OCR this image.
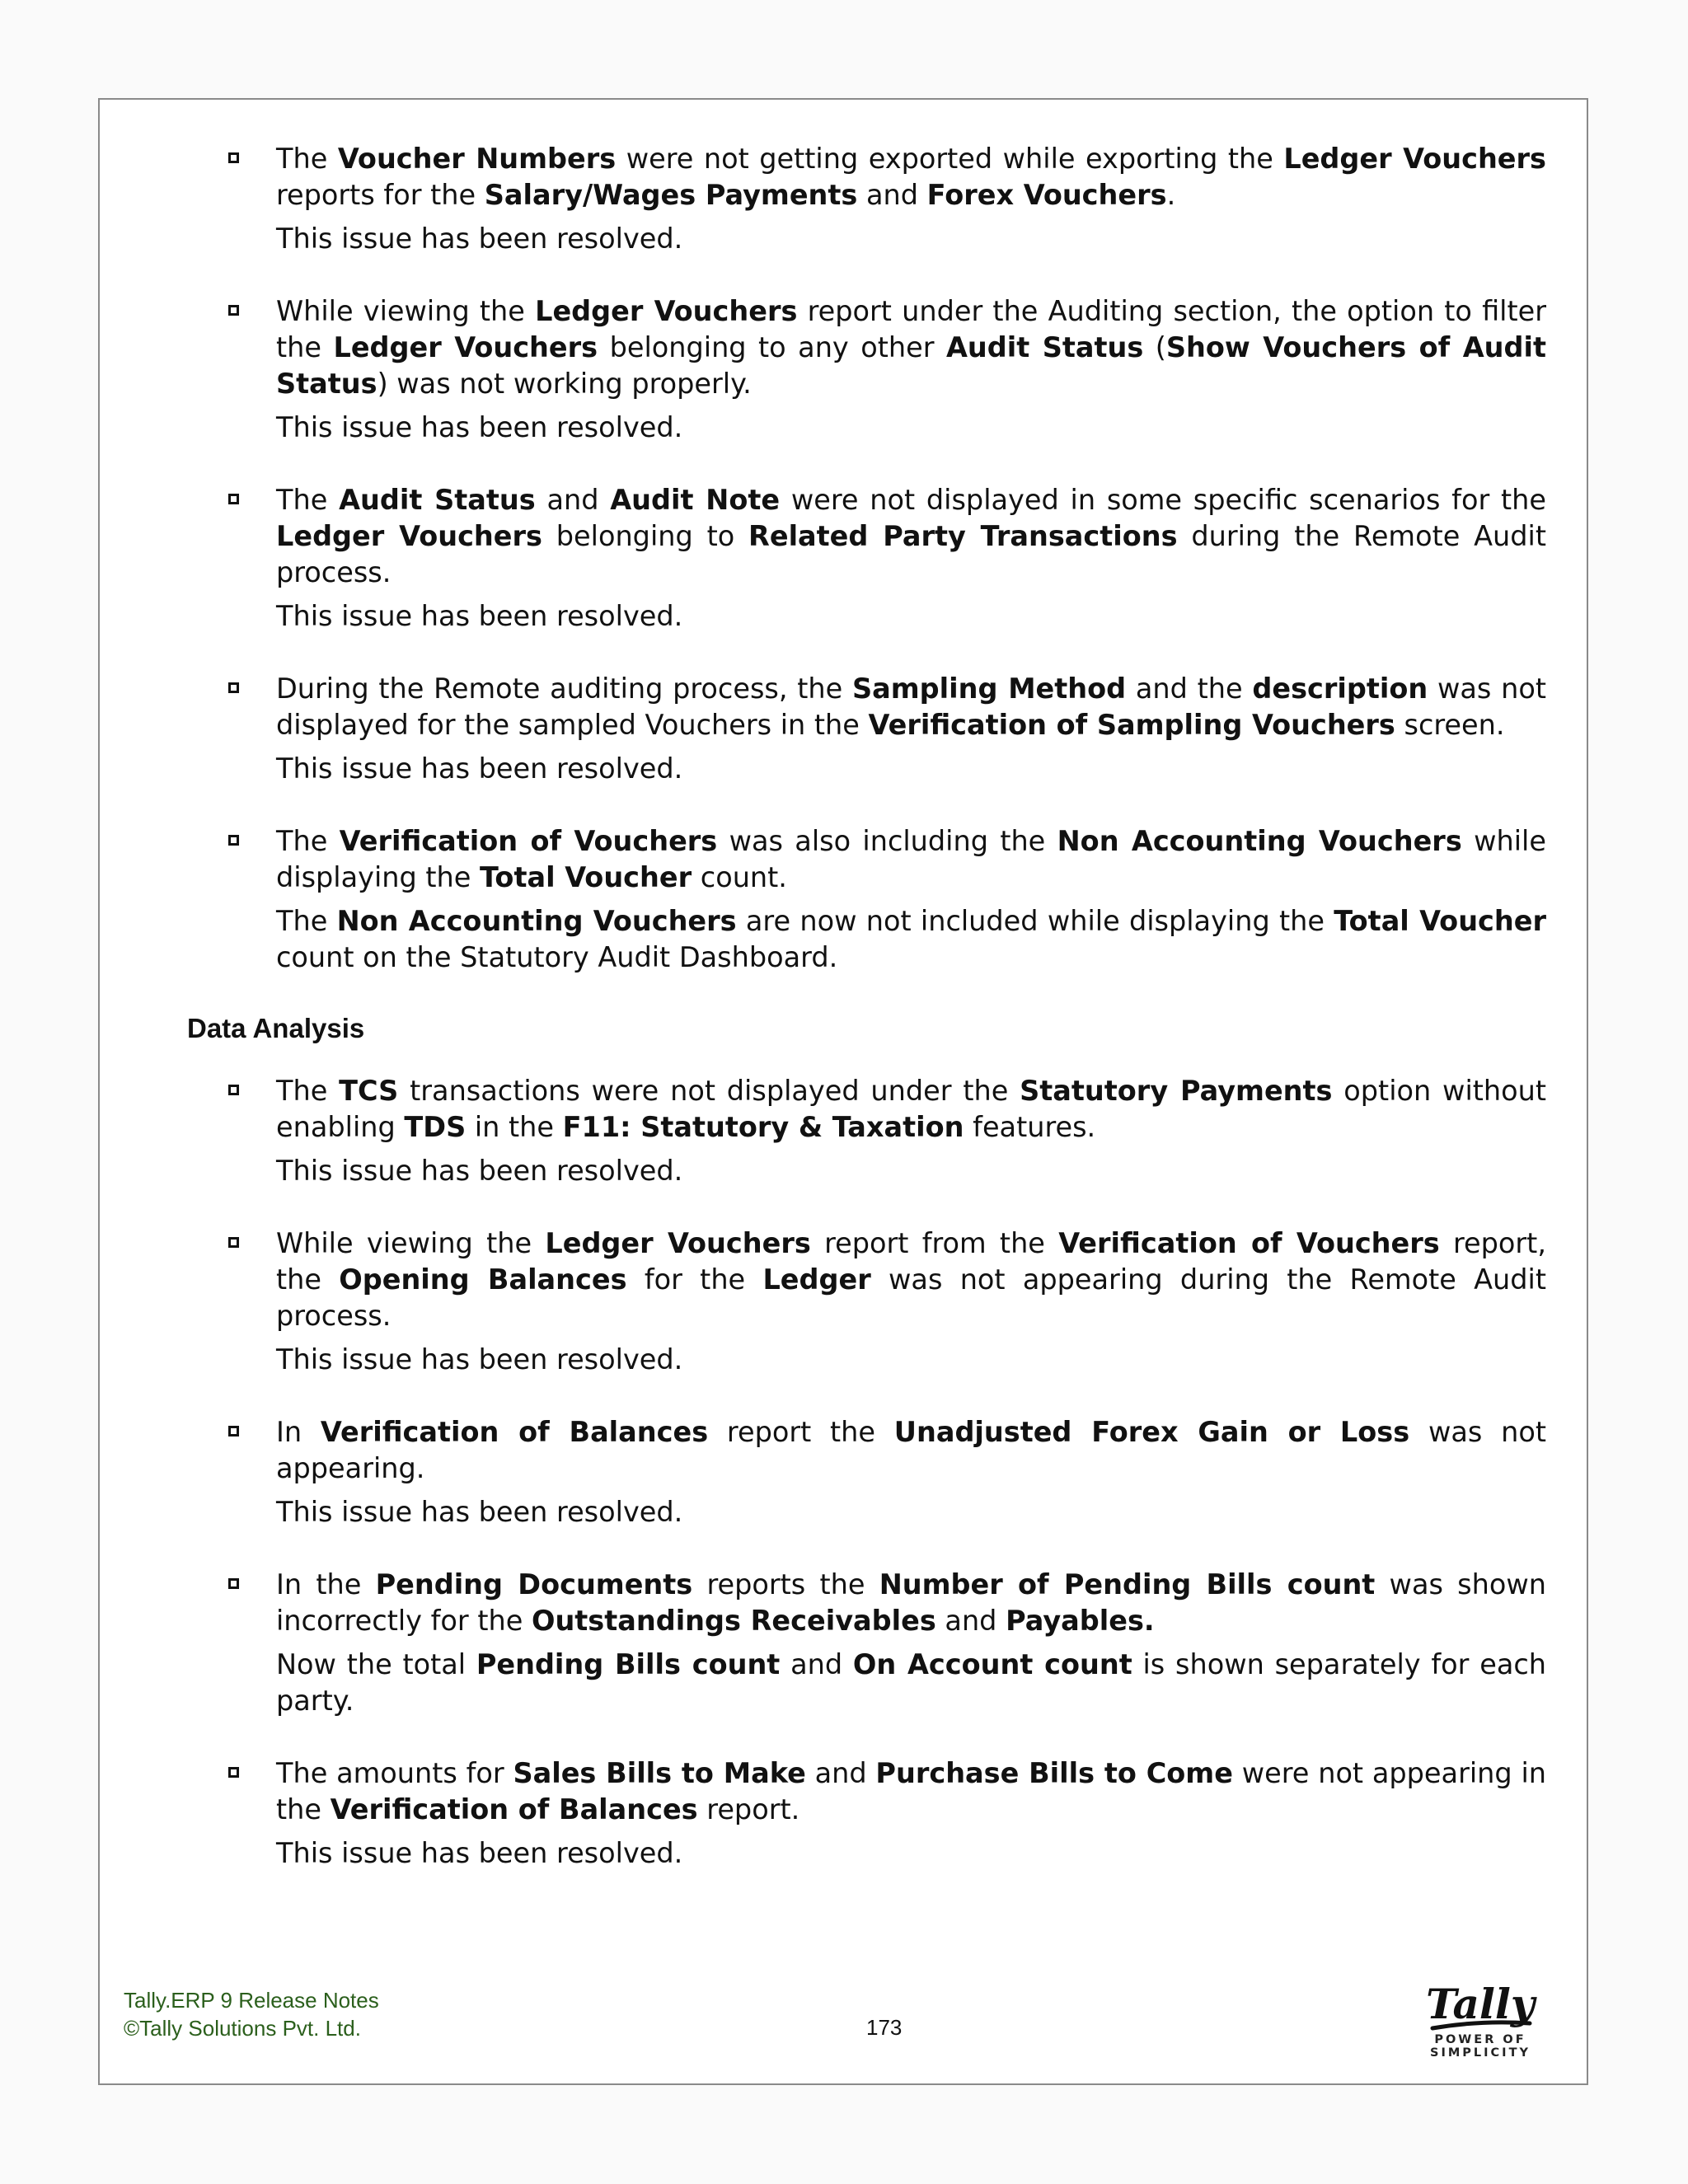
The Voucher Numbers were not getting exported while exporting the Ledger Vouchers reports for the Salary/Wages Payments and Forex Vouchers.

This issue has been resolved.

While viewing the Ledger Vouchers report under the Auditing section, the option to filter the Ledger Vouchers belonging to any other Audit Status (Show Vouchers of Audit Status) was not working properly.

This issue has been resolved.

The Audit Status and Audit Note were not displayed in some specific scenarios for the Ledger Vouchers belonging to Related Party Transactions during the Remote Audit process.

This issue has been resolved.

During the Remote auditing process, the Sampling Method and the description was not displayed for the sampled Vouchers in the Verification of Sampling Vouchers screen.

This issue has been resolved.

The Verification of Vouchers was also including the Non Accounting Vouchers while displaying the Total Voucher count.

The Non Accounting Vouchers are now not included while displaying the Total Voucher count on the Statutory Audit Dashboard.

Data Analysis

The TCS transactions were not displayed under the Statutory Payments option without enabling TDS in the F11: Statutory & Taxation features.

This issue has been resolved.

While viewing the Ledger Vouchers report from the Verification of Vouchers report, the Opening Balances for the Ledger was not appearing during the Remote Audit process.

This issue has been resolved.

In Verification of Balances report the Unadjusted Forex Gain or Loss was not appearing.

This issue has been resolved.

In the Pending Documents reports the Number of Pending Bills count was shown incorrectly for the Outstandings Receivables and Payables.

Now the total Pending Bills count and On Account count is shown separately for each party.

The amounts for Sales Bills to Make and Purchase Bills to Come were not appearing in the Verification of Balances report.

This issue has been resolved.

Tally.ERP 9 Release Notes
©Tally Solutions Pvt. Ltd.	173	Tally
POWER OF SIMPLICITY
